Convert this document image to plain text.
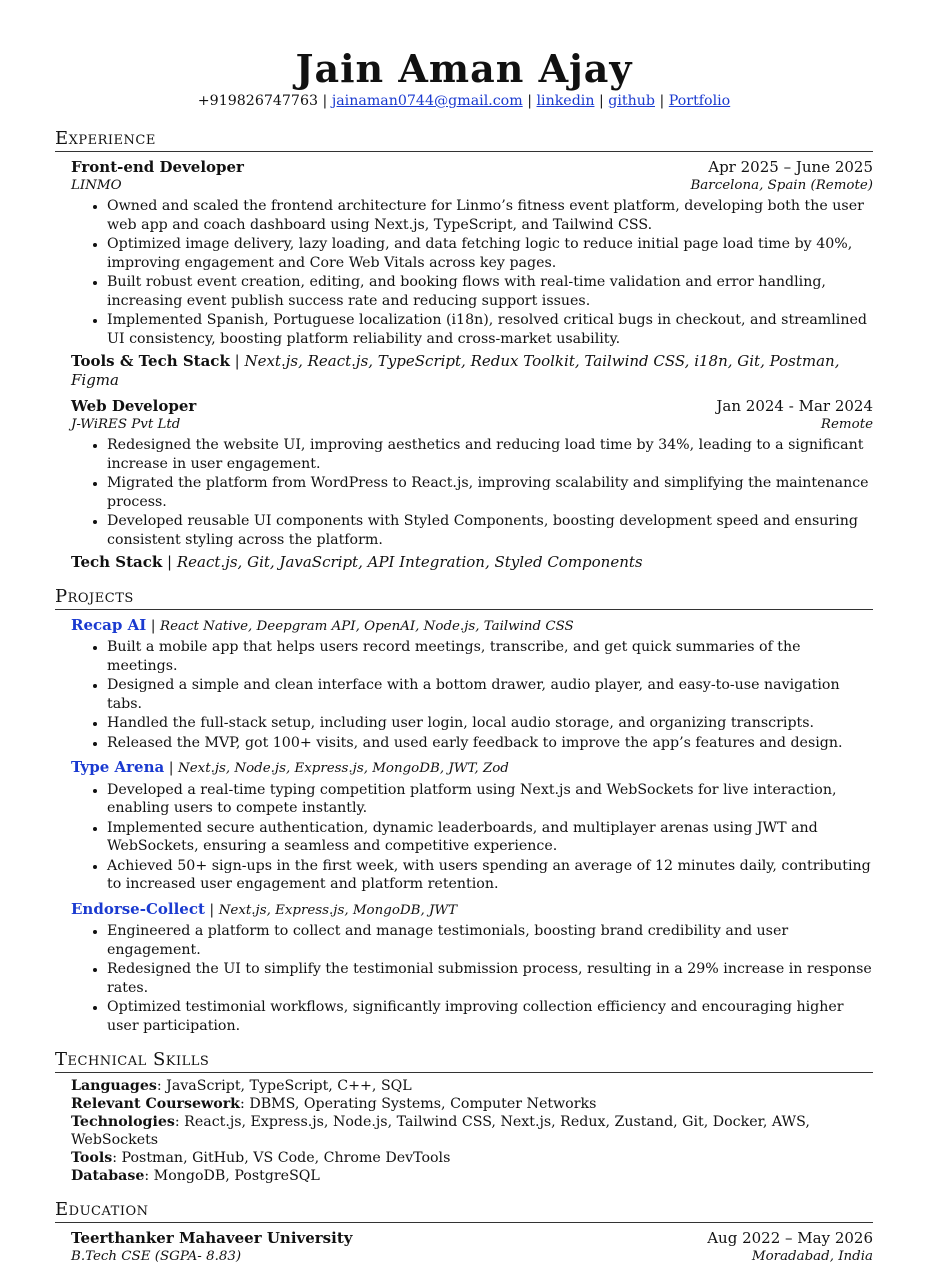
Jain Aman Ajay
+919826747763 | jainaman0744@gmail.com | linkedin | github | Portfolio
Experience
Front-end Developer	Apr 2025 – June 2025
LINMO	Barcelona, Spain (Remote)
• Owned and scaled the frontend architecture for Linmo’s fitness event platform, developing both the user web app and coach dashboard using Next.js, TypeScript, and Tailwind CSS.
• Optimized image delivery, lazy loading, and data fetching logic to reduce initial page load time by 40%, improving engagement and Core Web Vitals across key pages.
• Built robust event creation, editing, and booking flows with real-time validation and error handling, increasing event publish success rate and reducing support issues.
• Implemented Spanish, Portuguese localization (i18n), resolved critical bugs in checkout, and streamlined UI consistency, boosting platform reliability and cross-market usability.
Tools & Tech Stack | Next.js, React.js, TypeScript, Redux Toolkit, Tailwind CSS, i18n, Git, Postman, Figma
Web Developer	Jan 2024 - Mar 2024
J-WiRES Pvt Ltd	Remote
• Redesigned the website UI, improving aesthetics and reducing load time by 34%, leading to a significant increase in user engagement.
• Migrated the platform from WordPress to React.js, improving scalability and simplifying the maintenance process.
• Developed reusable UI components with Styled Components, boosting development speed and ensuring consistent styling across the platform.
Tech Stack | React.js, Git, JavaScript, API Integration, Styled Components
Projects
Recap AI | React Native, Deepgram API, OpenAI, Node.js, Tailwind CSS
• Built a mobile app that helps users record meetings, transcribe, and get quick summaries of the meetings.
• Designed a simple and clean interface with a bottom drawer, audio player, and easy-to-use navigation tabs.
• Handled the full-stack setup, including user login, local audio storage, and organizing transcripts.
• Released the MVP, got 100+ visits, and used early feedback to improve the app’s features and design.
Type Arena | Next.js, Node.js, Express.js, MongoDB, JWT, Zod
• Developed a real-time typing competition platform using Next.js and WebSockets for live interaction, enabling users to compete instantly.
• Implemented secure authentication, dynamic leaderboards, and multiplayer arenas using JWT and WebSockets, ensuring a seamless and competitive experience.
• Achieved 50+ sign-ups in the first week, with users spending an average of 12 minutes daily, contributing to increased user engagement and platform retention.
Endorse-Collect | Next.js, Express.js, MongoDB, JWT
• Engineered a platform to collect and manage testimonials, boosting brand credibility and user engagement.
• Redesigned the UI to simplify the testimonial submission process, resulting in a 29% increase in response rates.
• Optimized testimonial workflows, significantly improving collection efficiency and encouraging higher user participation.
Technical Skills
Languages: JavaScript, TypeScript, C++, SQL
Relevant Coursework: DBMS, Operating Systems, Computer Networks
Technologies: React.js, Express.js, Node.js, Tailwind CSS, Next.js, Redux, Zustand, Git, Docker, AWS, WebSockets
Tools: Postman, GitHub, VS Code, Chrome DevTools
Database: MongoDB, PostgreSQL
Education
Teerthanker Mahaveer University	Aug 2022 – May 2026
B.Tech CSE (SGPA- 8.83)	Moradabad, India
